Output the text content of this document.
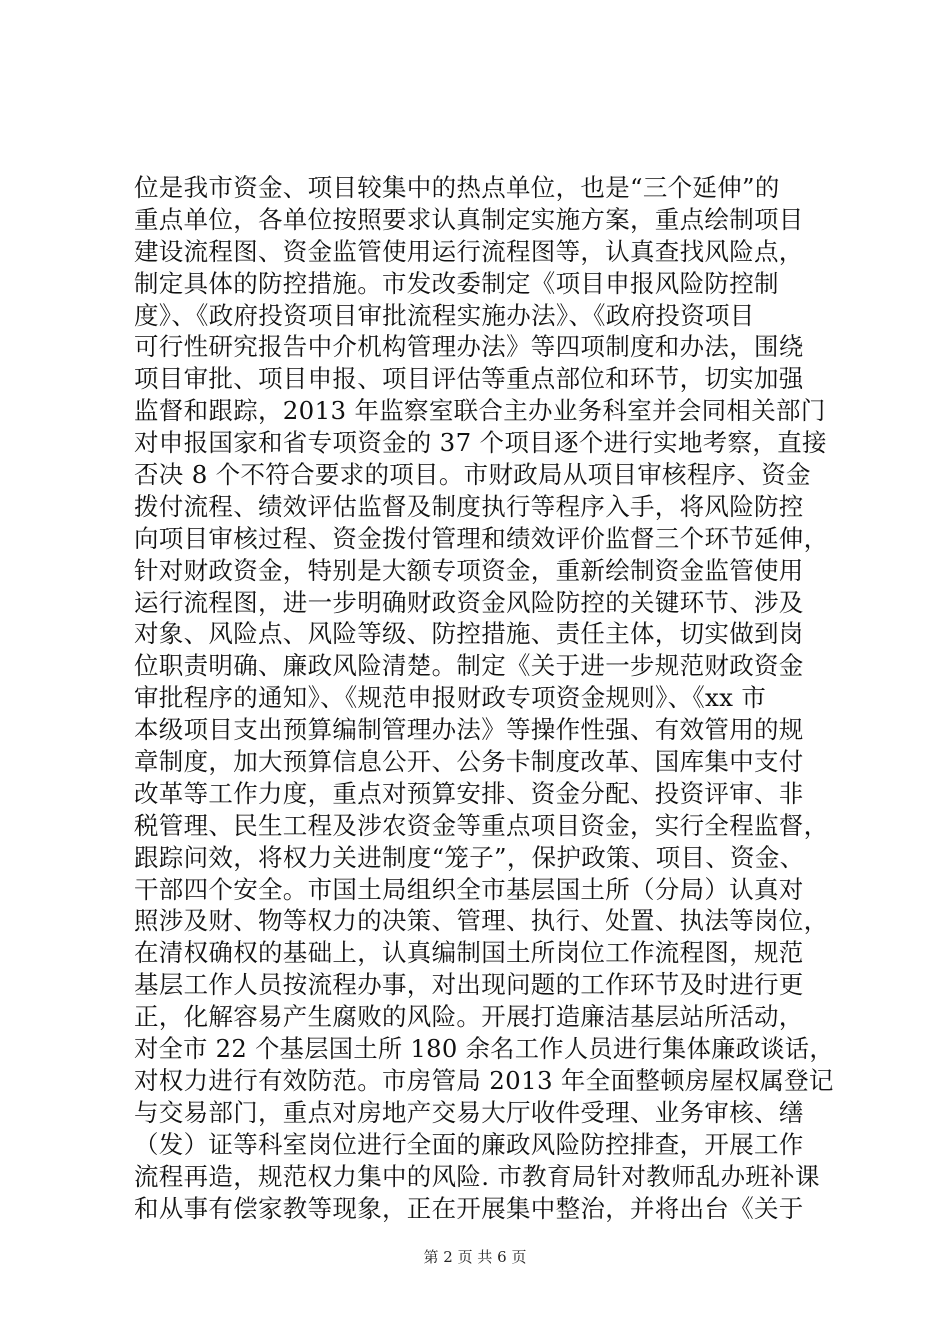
位是我市资金、项目较集中的热点单位，也是“三个延伸”的
重点单位，各单位按照要求认真制定实施方案，重点绘制项目
建设流程图、资金监管使用运行流程图等，认真查找风险点，
制定具体的防控措施。市发改委制定《项目申报风险防控制
度》、《政府投资项目审批流程实施办法》、《政府投资项目
可行性研究报告中介机构管理办法》等四项制度和办法，围绕
项目审批、项目申报、项目评估等重点部位和环节，切实加强
监督和跟踪，2013 年监察室联合主办业务科室并会同相关部门
对申报国家和省专项资金的 37 个项目逐个进行实地考察，直接
否决 8 个不符合要求的项目。市财政局从项目审核程序、资金
拨付流程、绩效评估监督及制度执行等程序入手，将风险防控
向项目审核过程、资金拨付管理和绩效评价监督三个环节延伸，
针对财政资金，特别是大额专项资金，重新绘制资金监管使用
运行流程图，进一步明确财政资金风险防控的关键环节、涉及
对象、风险点、风险等级、防控措施、责任主体，切实做到岗
位职责明确、廉政风险清楚。制定《关于进一步规范财政资金
审批程序的通知》、《规范申报财政专项资金规则》、《xx 市
本级项目支出预算编制管理办法》等操作性强、有效管用的规
章制度，加大预算信息公开、公务卡制度改革、国库集中支付
改革等工作力度，重点对预算安排、资金分配、投资评审、非
税管理、民生工程及涉农资金等重点项目资金，实行全程监督，
跟踪问效，将权力关进制度“笼子”，保护政策、项目、资金、
干部四个安全。市国土局组织全市基层国土所（分局）认真对
照涉及财、物等权力的决策、管理、执行、处置、执法等岗位，
在清权确权的基础上，认真编制国土所岗位工作流程图，规范
基层工作人员按流程办事，对出现问题的工作环节及时进行更
正，化解容易产生腐败的风险。开展打造廉洁基层站所活动，
对全市 22 个基层国土所 180 余名工作人员进行集体廉政谈话，
对权力进行有效防范。市房管局 2013 年全面整顿房屋权属登记
与交易部门，重点对房地产交易大厅收件受理、业务审核、缮
（发）证等科室岗位进行全面的廉政风险防控排查，开展工作
流程再造，规范权力集中的风险. 市教育局针对教师乱办班补课
和从事有偿家教等现象，正在开展集中整治，并将出台《关于
第 2 页 共 6 页
